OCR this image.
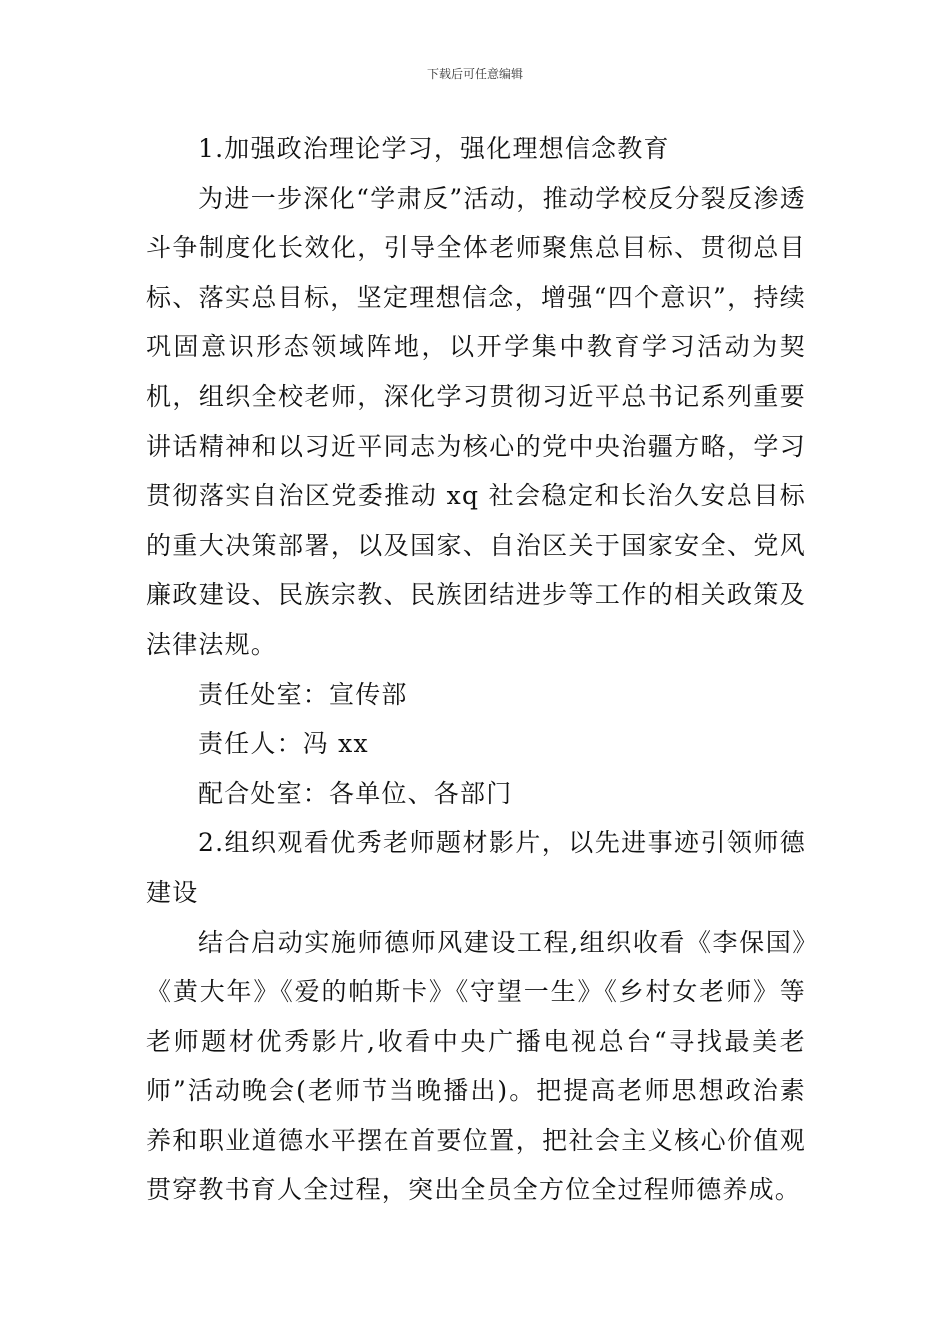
下载后可任意编辑

1.加强政治理论学习，强化理想信念教育

为进一步深化“学肃反”活动，推动学校反分裂反渗透斗争制度化长效化，引导全体老师聚焦总目标、贯彻总目标、落实总目标，坚定理想信念，增强“四个意识”，持续巩固意识形态领域阵地，以开学集中教育学习活动为契机，组织全校老师，深化学习贯彻习近平总书记系列重要讲话精神和以习近平同志为核心的党中央治疆方略，学习贯彻落实自治区党委推动 xq 社会稳定和长治久安总目标的重大决策部署，以及国家、自治区关于国家安全、党风廉政建设、民族宗教、民族团结进步等工作的相关政策及法律法规。

责任处室：宣传部

责任人：冯 xx

配合处室：各单位、各部门

2.组织观看优秀老师题材影片，以先进事迹引领师德建设

结合启动实施师德师风建设工程,组织收看《李保国》《黄大年》《爱的帕斯卡》《守望一生》《乡村女老师》等老师题材优秀影片,收看中央广播电视总台“寻找最美老师”活动晚会(老师节当晚播出)。把提高老师思想政治素养和职业道德水平摆在首要位置，把社会主义核心价值观贯穿教书育人全过程，突出全员全方位全过程师德养成。
